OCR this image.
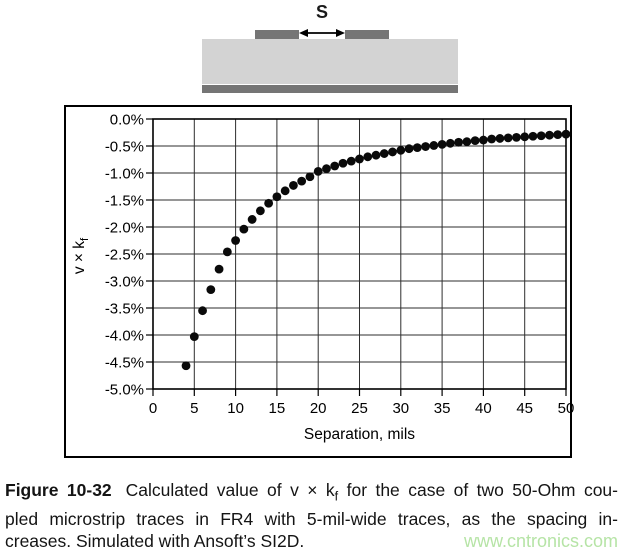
S
$v \times k_f$
0.0%
-0.5%
-1.0%
-1.5%
-2.0%
-2.5%
-3.0%
-3.5%
-4.0%
-4.5%
-5.0%
0 5 10 15 20 25 30 35 40 45 50
Separation, mils
Figure 10-32 Calculated value of $v \times k_f$ for the case of two 50-Ohm cou-
pled microstrip traces in FR4 with 5-mil-wide traces, as the spacing in-
creases. Simulated with Ansoft’s SI2D.	www.cntronics.com
